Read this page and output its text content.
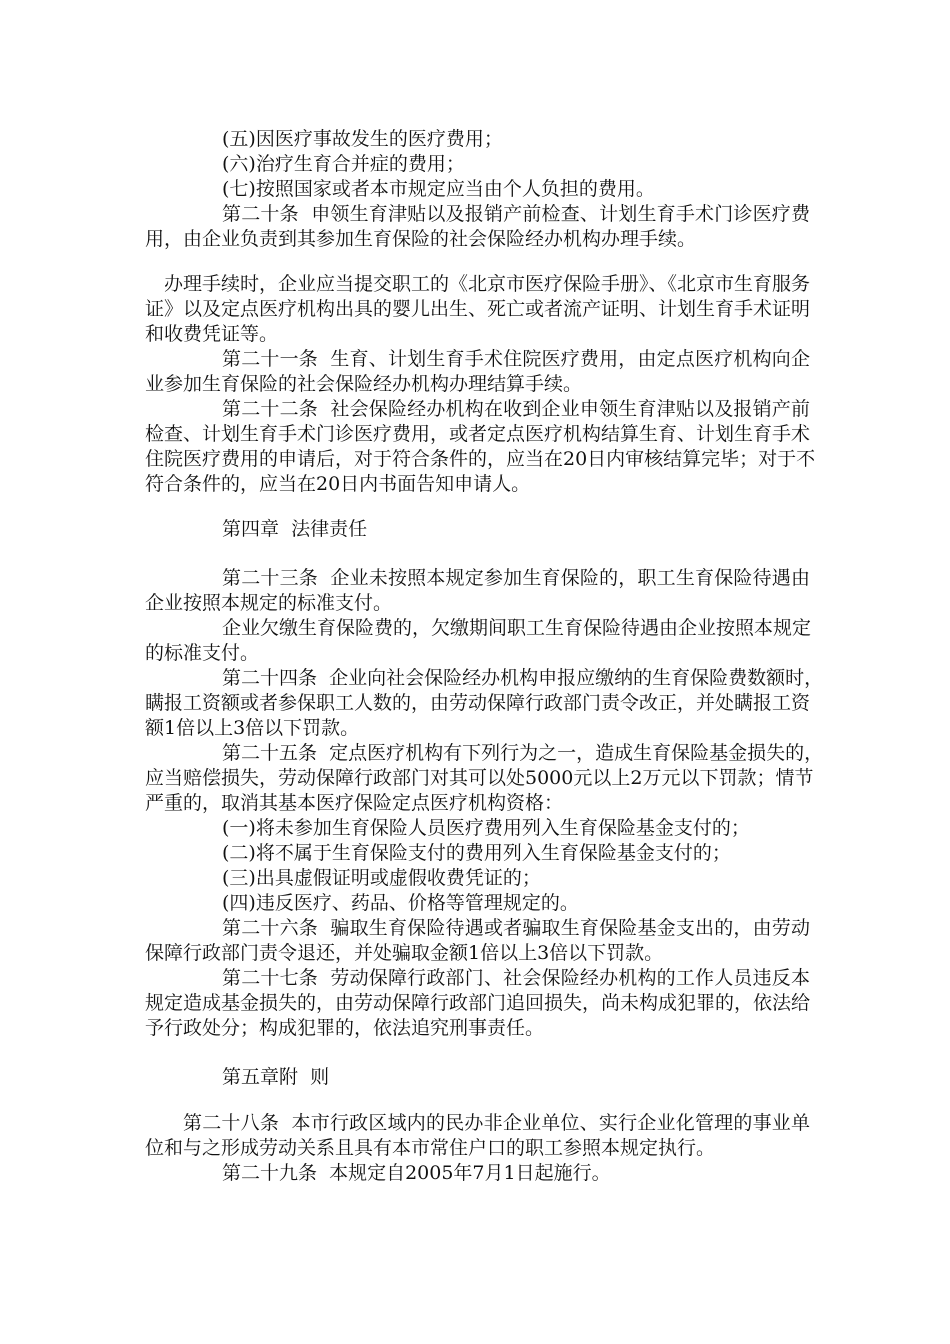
(五)因医疗事故发生的医疗费用；
(六)治疗生育合并症的费用；
(七)按照国家或者本市规定应当由个人负担的费用。
第二十条  申领生育津贴以及报销产前检查、计划生育手术门诊医疗费
用，由企业负责到其参加生育保险的社会保险经办机构办理手续。
办理手续时，企业应当提交职工的《北京市医疗保险手册》、《北京市生育服务
证》以及定点医疗机构出具的婴儿出生、死亡或者流产证明、计划生育手术证明
和收费凭证等。
第二十一条  生育、计划生育手术住院医疗费用，由定点医疗机构向企
业参加生育保险的社会保险经办机构办理结算手续。
第二十二条  社会保险经办机构在收到企业申领生育津贴以及报销产前
检查、计划生育手术门诊医疗费用，或者定点医疗机构结算生育、计划生育手术
住院医疗费用的申请后，对于符合条件的，应当在20日内审核结算完毕；对于不
符合条件的，应当在20日内书面告知申请人。
第四章  法律责任
第二十三条  企业未按照本规定参加生育保险的，职工生育保险待遇由
企业按照本规定的标准支付。
企业欠缴生育保险费的，欠缴期间职工生育保险待遇由企业按照本规定
的标准支付。
第二十四条  企业向社会保险经办机构申报应缴纳的生育保险费数额时，
瞒报工资额或者参保职工人数的，由劳动保障行政部门责令改正，并处瞒报工资
额1倍以上3倍以下罚款。
第二十五条  定点医疗机构有下列行为之一，造成生育保险基金损失的，
应当赔偿损失，劳动保障行政部门对其可以处5000元以上2万元以下罚款；情节
严重的，取消其基本医疗保险定点医疗机构资格：
(一)将未参加生育保险人员医疗费用列入生育保险基金支付的；
(二)将不属于生育保险支付的费用列入生育保险基金支付的；
(三)出具虚假证明或虚假收费凭证的；
(四)违反医疗、药品、价格等管理规定的。
第二十六条  骗取生育保险待遇或者骗取生育保险基金支出的，由劳动
保障行政部门责令退还，并处骗取金额1倍以上3倍以下罚款。
第二十七条  劳动保障行政部门、社会保险经办机构的工作人员违反本
规定造成基金损失的，由劳动保障行政部门追回损失，尚未构成犯罪的，依法给
予行政处分；构成犯罪的，依法追究刑事责任。
第五章附  则
第二十八条  本市行政区域内的民办非企业单位、实行企业化管理的事业单
位和与之形成劳动关系且具有本市常住户口的职工参照本规定执行。
第二十九条  本规定自2005年7月1日起施行。
